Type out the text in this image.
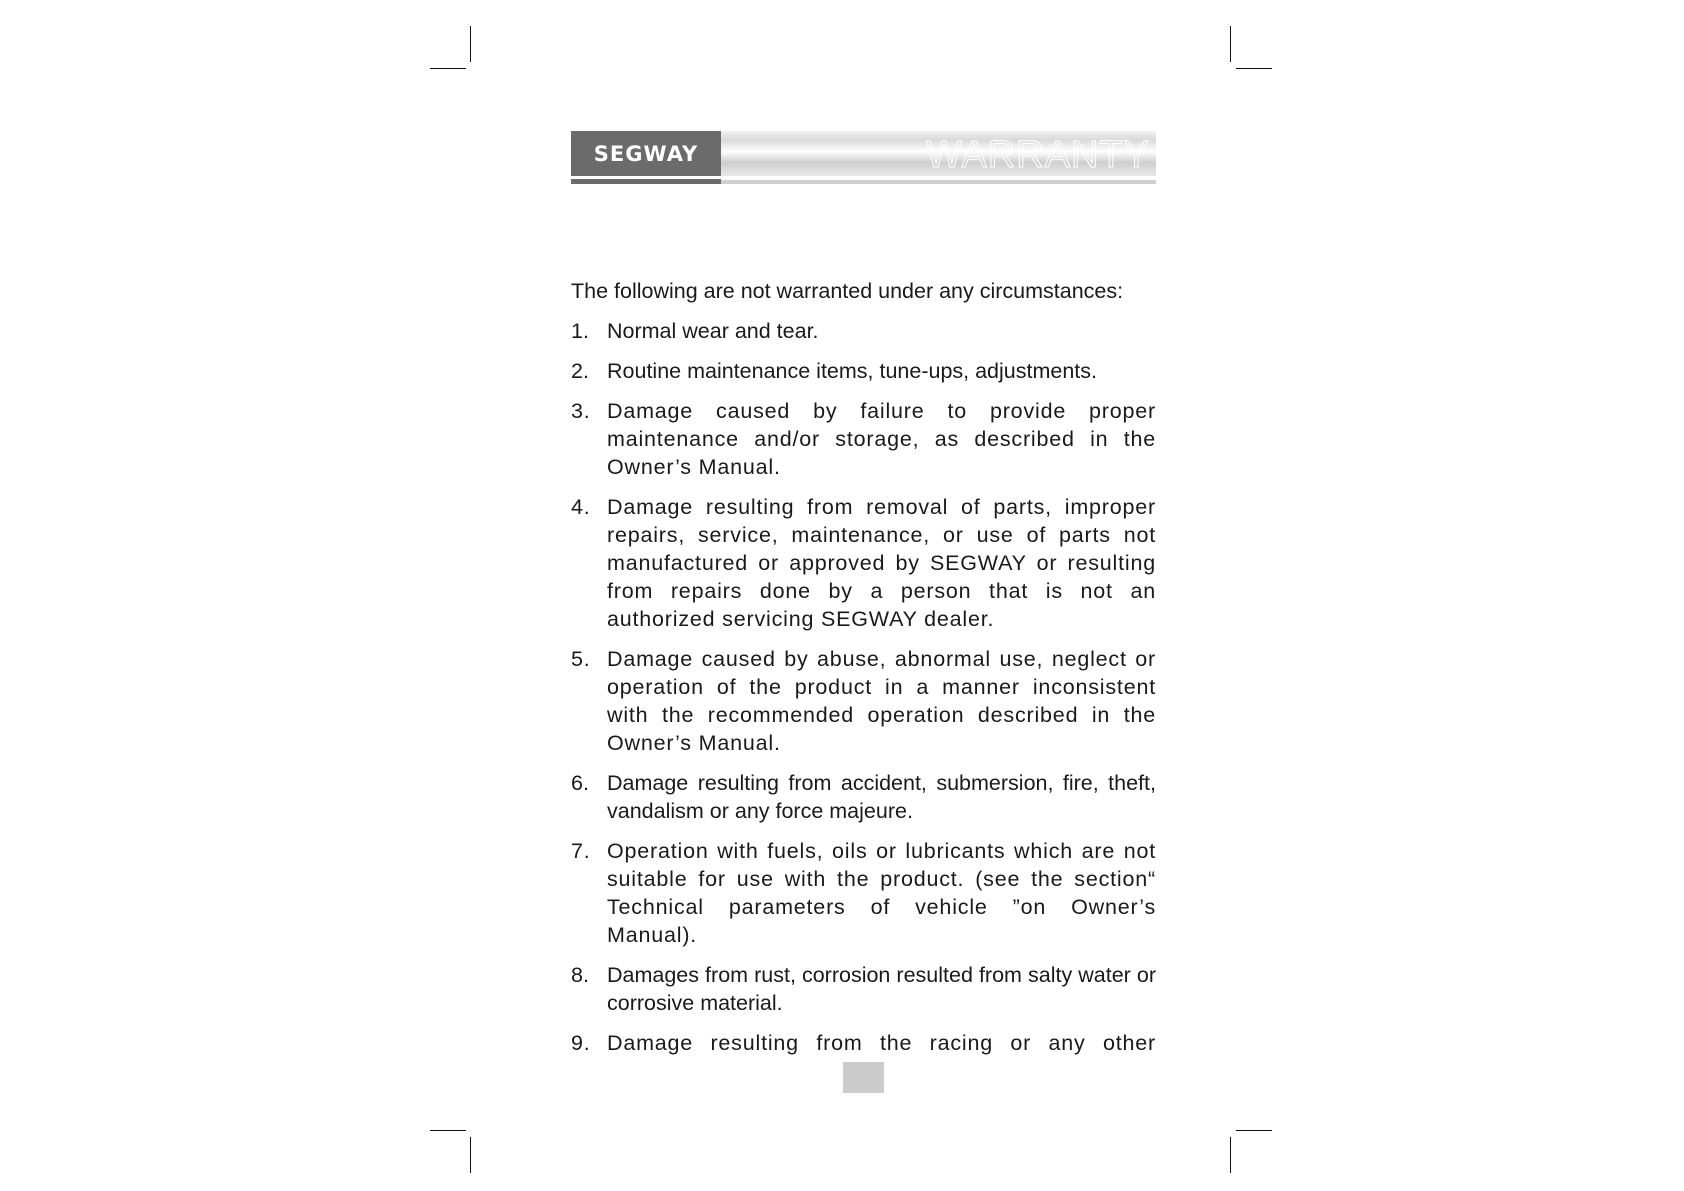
SEGWAY	WARRANTY

The following are not warranted under any circumstances:

1. Normal wear and tear.
2. Routine maintenance items, tune-ups, adjustments.
3. Damage caused by failure to provide proper maintenance and/or storage, as described in the Owner’s Manual.
4. Damage resulting from removal of parts, improper repairs, service, maintenance, or use of parts not manufactured or approved by SEGWAY or resulting from repairs done by a person that is not an authorized servicing SEGWAY dealer.
5. Damage caused by abuse, abnormal use, neglect or operation of the product in a manner inconsistent with the recommended operation described in the Owner’s Manual.
6. Damage resulting from accident, submersion, fire, theft, vandalism or any force majeure.
7. Operation with fuels, oils or lubricants which are not suitable for use with the product. (see the section“ Technical parameters of vehicle ”on Owner’s Manual).
8. Damages from rust, corrosion resulted from salty water or corrosive material.
9. Damage resulting from the racing or any other
